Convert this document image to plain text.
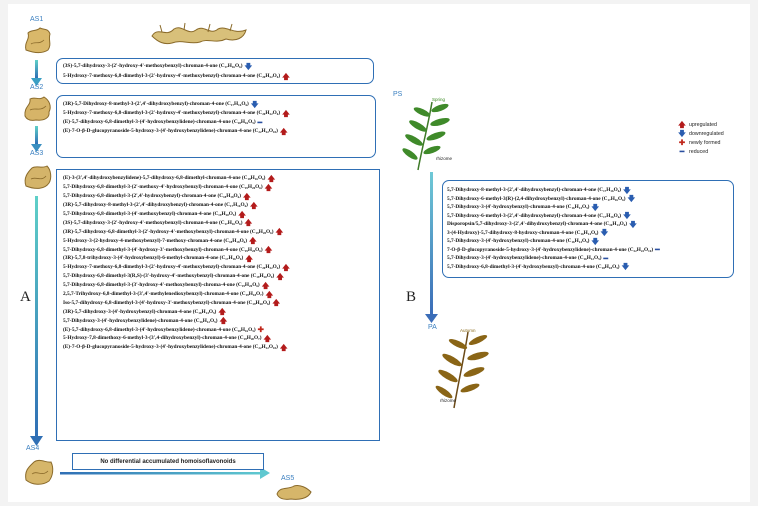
AS1
AS2
AS3
AS4
AS5
A	B
(3S)-5,7-dihydroxy-3-(2'-hydroxy-4'-methoxybenzyl)-chroman-4-one (C₁₇H₁₆O₆) 🡇
5-Hydroxy-7-methoxy-6,8-dimethyl-3-(2'-hydroxy-4'-methoxybenzyl)-chroman-4-one (C₂₀H₂₂O₆) 🡅
(3R)-5,7-Dihydroxy-8-methyl-3-(2',4'-dihydroxybenzyl)-chroman-4-one (C₁₇H₁₆O₆) 🡇
5-Hydroxy-7-methoxy-6,8-dimethyl-3-(2'-hydroxy-4'-methoxybenzyl)-chroman-4-one (C₂₀H₂₂O₆) 🡅
(E)-5,7-dihydroxy-6,8-dimethyl-3-(4'-hydroxybenzylidene)-chroman-4-one (C₁₈H₁₆O₅) ━
(E)-7-O-β-D-glucopyranoside-5-hydroxy-3-(4'-hydroxybenzylidene)-chroman-4-one (C₂₂H₂₂O₁₀) 🡅
(E)-3-(3',4'-dihydroxybenzylidene)-5,7-dihydroxy-6,8-dimethyl-chroman-4-one (C₁₈H₁₆O₆) 🡅
5,7-Dihydroxy-6,8-dimethyl-3-(2'-methoxy-4'-hydroxybenzyl)-chroman-4-one (C₁₉H₂₀O₆) 🡅
5,7-Dihydroxy-6,8-dimethyl-3-(2',4'-hydroxybenzyl)-chroman-4-one (C₁₈H₁₈O₆) 🡅
(3R)-5,7-dihydroxy-8-methyl-3-(2',4'-dihydroxybenzyl)-chroman-4-one (C₁₇H₁₆O₆) 🡅
5,7-Dihydroxy-6,8-dimethyl-3-(4'-methoxybenzyl)-chroman-4-one (C₁₉H₂₀O₅) 🡅
(3S)-5,7-dihydroxy-3-(2'-hydroxy-4'-methoxybenzyl)-chroman-4-one (C₁₇H₁₆O₆) 🡅
(3R)-5,7-dihydroxy-6,8-dimethyl-3-(2'-hydroxy-4'-methoxybenzyl)-chroman-4-one (C₁₉H₂₀O₆) 🡅
5-Hydroxy-3-(2-hydroxy-4-methoxybenzyl)-7-methoxy-chroman-4-one (C₁₈H₁₈O₆) 🡅
5,7-Dihydroxy-6,8-dimethyl-3-(4'-hydroxy-3'-methoxybenzyl)-chroman-4-one (C₁₉H₂₀O₆) 🡅
(3R)-5,7,8-trihydroxy-3-(4'-hydroxybenzyl)-6-methyl-chroman-4-one (C₁₇H₁₆O₆) 🡅
5-Hydroxy-7-methoxy-6,8-dimethyl-3-(2'-hydroxy-4'-methoxybenzyl)-chroman-4-one (C₂₀H₂₂O₆) 🡅
5,7-Dihydroxy-6,8-dimethyl-3(R,S)-(3'-hydroxy-4'-methoxybenzyl)-chroman-4-one (C₁₉H₂₀O₆) 🡅
5,7-Dihydroxy-6,8-dimethyl-3-(3'-hydroxy-4'-methoxybenzyl)-chroma-4-one (C₁₉H₂₀O₆) 🡅
2,5,7-Trihydroxy-6,8-dimethyl-3-(3',4'-methylenedioxybenzyl)-chroman-4-one (C₁₉H₁₈O₇) 🡅
Iso-5,7-dihydroxy-6,8-dimethyl-3-(4'-hydroxy-3'-methoxybenzyl)-chroman-4-one (C₁₉H₂₀O₆) 🡅
(3R)-5,7-dihydroxy-3-(4'-hydroxybenzyl)-chroman-4-one (C₁₆H₁₄O₅) 🡅
5,7-Dihydroxy-3-(4'-hydroxybenzylidene)-chroman-4-one (C₁₆H₁₂O₅) 🡅
(E)-5,7-dihydroxy-6,8-dimethyl-3-(4'-hydroxybenzylidene)-chroman-4-one (C₁₈H₁₆O₅) ✚
5-Hydroxy-7,8-dimethoxy-6-methyl-3-(3',4-dihydroxybenzyl)-chroman-4-one (C₁₉H₂₀O₇) 🡅
(E)-7-O-β-D-glucopyranoside-5-hydroxy-3-(4'-hydroxybenzylidene)-chroman-4-one (C₂₂H₂₂O₁₀) 🡅
No differential accumulated homoisoflavonoids
PS
Spring
rhizome
PA	Autumn
rhizome
5,7-Dihydroxy-8-methyl-3-(2',4'-dihydroxybenzyl)-chroman-4-one (C₁₇H₁₆O₆) 🡇
5,7-Dihydroxy-6-methyl-3(R)-(2,4-dihydroxybenzyl)-chroman-4-one (C₁₇H₁₆O₆) 🡇
5,7-Dihydroxy-3-(4'-hydroxybenzyl)-chroman-4-one (C₁₆H₁₄O₅) 🡇
5,7-Dihydroxy-6-methyl-3-(2',4'-dihydroxybenzyl)-chroman-4-one (C₁₇H₁₆O₆) 🡇
Disporopsin/5,7-dihydroxy-3-(2',4'-dihydroxybenzyl)-chroman-4-one (C₁₆H₁₄O₆) 🡇
3-(4-Hydroxy)-5,7-dihydroxy-8-hydroxy-chroman-4-one (C₁₆H₁₄O₆) 🡇
5,7-Dihydroxy-3-(4'-hydroxybenzyl)-chroman-4-one (C₁₆H₁₄O₅) 🡇
7-O-β-D-glucopyranoside-5-hydroxy-3-(4'-hydroxybenzylidene)-chroman-4-one (C₂₂H₂₂O₁₀) ━
5,7-Dihydroxy-3-(4'-hydroxybenzylidene)-chroman-4-one (C₁₆H₁₂O₅) ━
5,7-Dihydroxy-6,8-dimethyl-3-(4'-hydroxybenzyl)-chroman-4-one (C₁₈H₁₈O₅) 🡇
🡅 upregulated
🡇 downregulated
✚ newly formed
━ reduced
